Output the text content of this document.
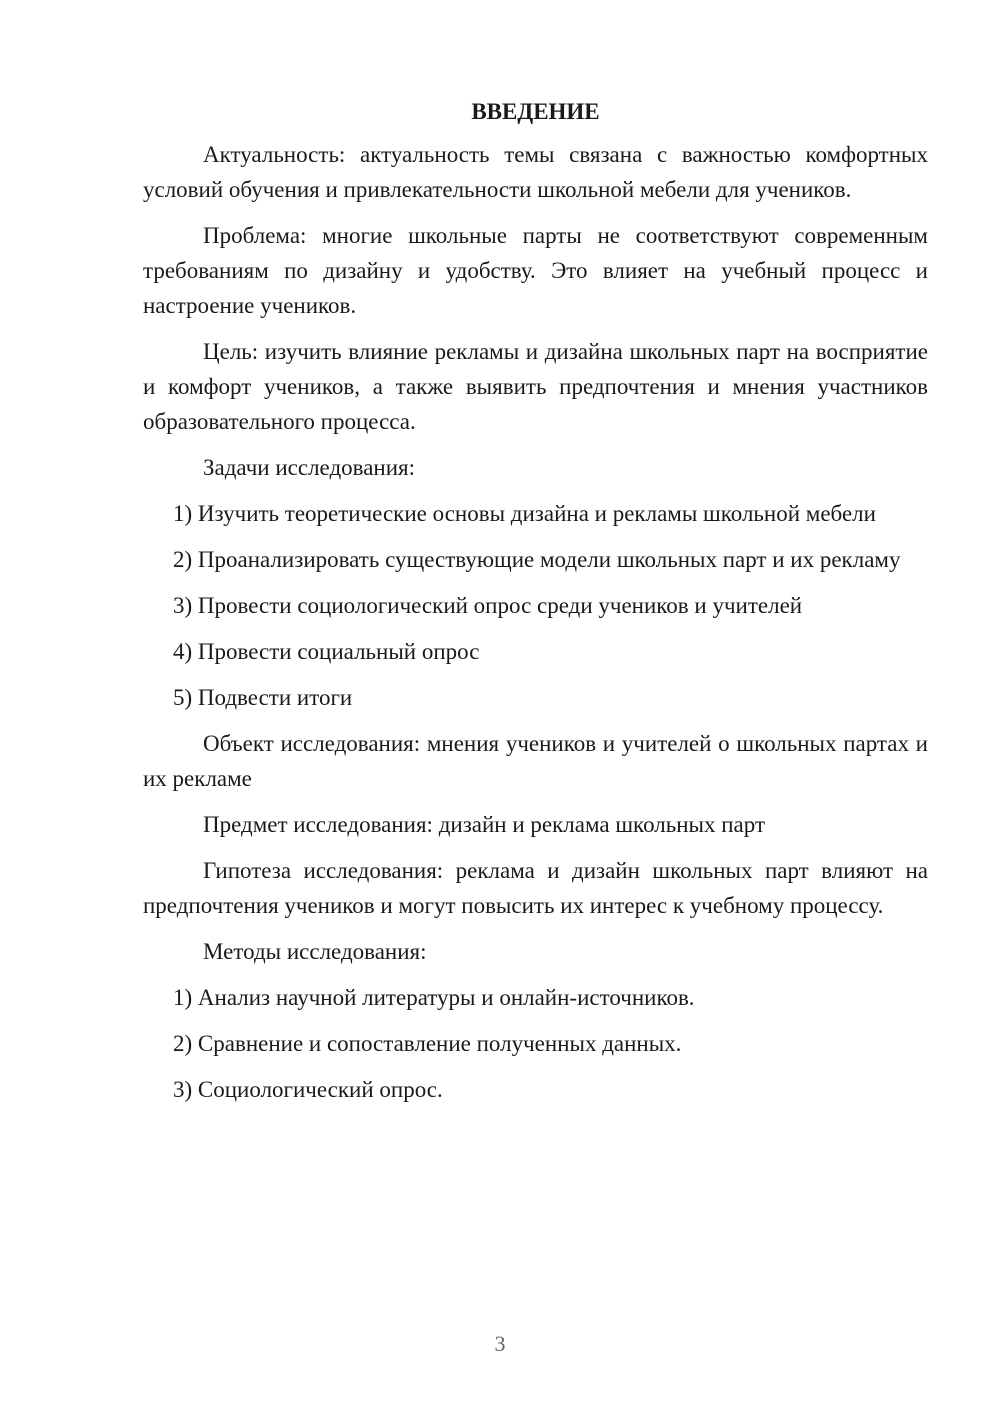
ВВЕДЕНИЕ

Актуальность: актуальность темы связана с важностью комфортных условий обучения и привлекательности школьной мебели для учеников.

Проблема: многие школьные парты не соответствуют современным требованиям по дизайну и удобству. Это влияет на учебный процесс и настроение учеников.

Цель: изучить влияние рекламы и дизайна школьных парт на восприятие и комфорт учеников, а также выявить предпочтения и мнения участников образовательного процесса.

Задачи исследования:

1) Изучить теоретические основы дизайна и рекламы школьной мебели

2) Проанализировать существующие модели школьных парт и их рекламу

3) Провести социологический опрос среди учеников и учителей

4) Провести социальный опрос

5) Подвести итоги

Объект исследования: мнения учеников и учителей о школьных партах и их рекламе

Предмет исследования: дизайн и реклама школьных парт

Гипотеза исследования: реклама и дизайн школьных парт влияют на предпочтения учеников и могут повысить их интерес к учебному процессу.

Методы исследования:

1) Анализ научной литературы и онлайн-источников.

2) Сравнение и сопоставление полученных данных.

3) Социологический опрос.

3
